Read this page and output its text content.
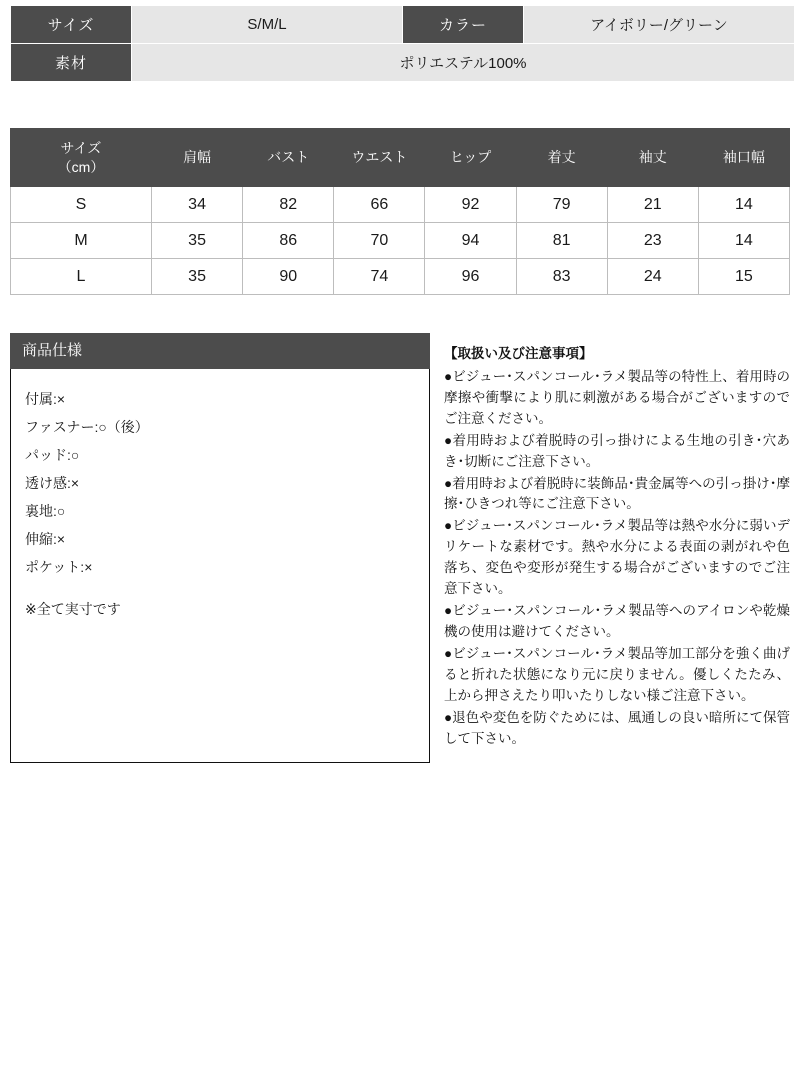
サイズ	S/M/L	カラー	アイボリー/グリーン
素材	ポリエステル100%		
サイズ
（cm）	肩幅	バスト	ウエスト	ヒップ	着丈	袖丈	袖口幅
S	34	82	66	92	79	21	14
M	35	86	70	94	81	23	14
L	35	90	74	96	83	24	15
商品仕様
付属:×
ファスナー:○（後）
パッド:○
透け感:×
裏地:○
伸縮:×
ポケット:×
※全て実寸です
【取扱い及び注意事項】

●ビジュー･スパンコール･ラメ製品等の特性上、着用時の摩擦や衝撃により肌に刺激がある場合がございますのでご注意ください。

●着用時および着脱時の引っ掛けによる生地の引き･穴あき･切断にご注意下さい。

●着用時および着脱時に装飾品･貴金属等への引っ掛け･摩擦･ひきつれ等にご注意下さい。

●ビジュー･スパンコール･ラメ製品等は熱や水分に弱いデリケートな素材です。熱や水分による表面の剥がれや色落ち、変色や変形が発生する場合がございますのでご注意下さい。

●ビジュー･スパンコール･ラメ製品等へのアイロンや乾燥機の使用は避けてください。

●ビジュー･スパンコール･ラメ製品等加工部分を強く曲げると折れた状態になり元に戻りません。優しくたたみ、上から押さえたり叩いたりしない様ご注意下さい。

●退色や変色を防ぐためには、風通しの良い暗所にて保管して下さい。
